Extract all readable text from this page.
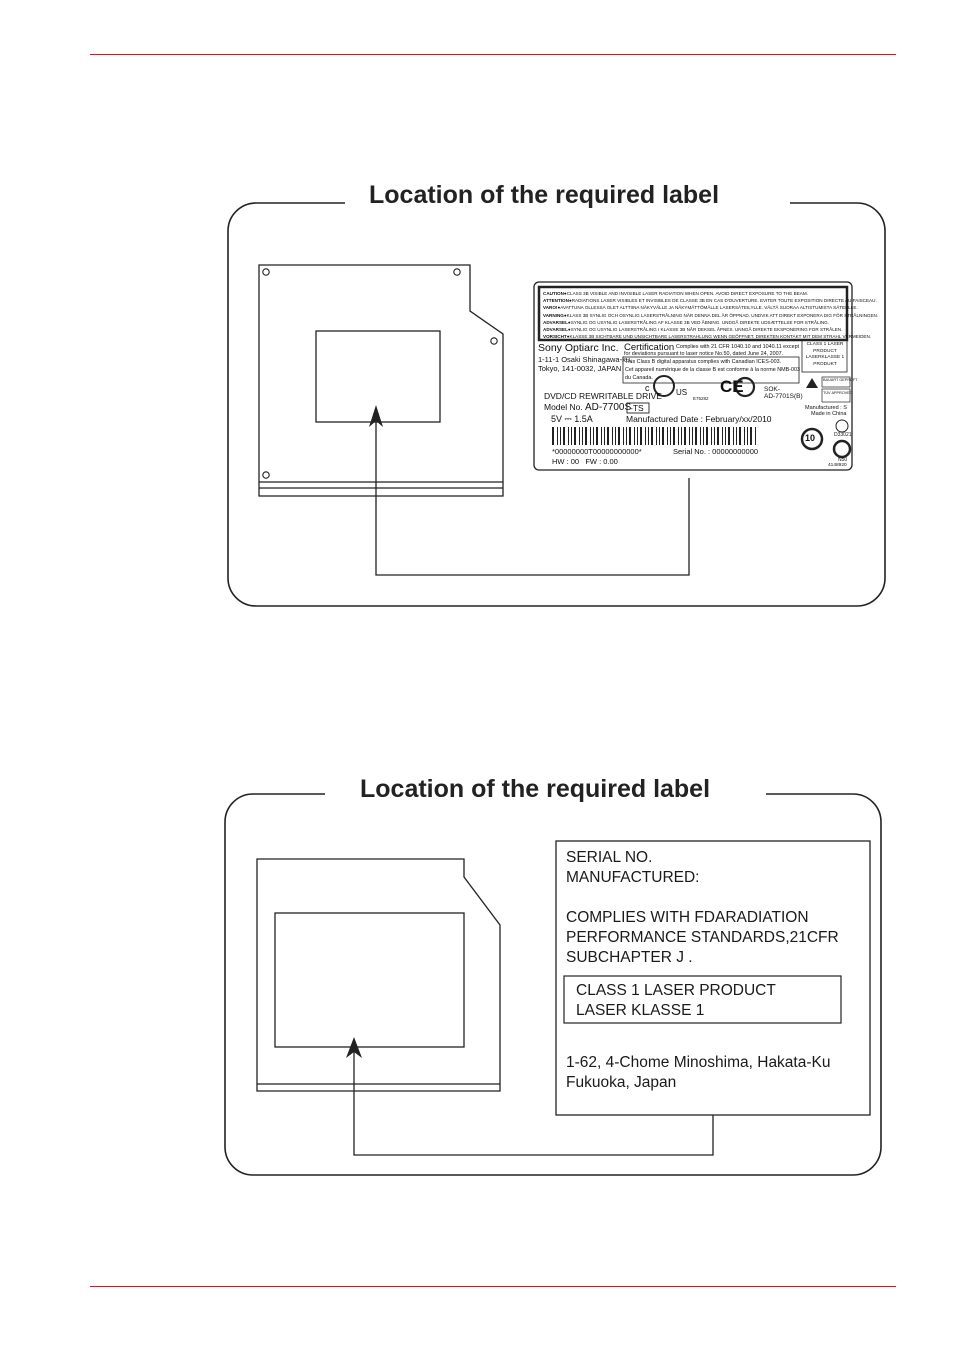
Location of the required label
CAUTION●CLASS 3B VISIBLE AND INVISIBLE LASER RADIATION WHEN OPEN. AVOID DIRECT EXPOSURE TO THE BEAM.
ATTENTION●RADIATIONS LASER VISIBLES ET INVISIBLES DE CLASSE 3B EN CAS D'OUVERTURE. EVITER TOUTE EXPOSITION DIRECTE AU FAISCEAU.
VARO!●AVATTUNA OLLESSA OLET ALTTIINA NÄKYVÄLLE JA NÄKYMÄTTÖMÄLLE LASERSÄTEILYLLE. VÄLTÄ SUORAA ALTISTUMISTA SÄTEELLE.
VARNING●KLASS 3B SYNLIG OCH OSYNLIG LASERSTRÅLNING NÄR DENNA DEL ÄR ÖPPNAD. UNDVIK ATT DIREKT EXPONERA DIG FÖR STRÅLNINGEN.
ADVARSEL●SYNLIG OG USYNLIG LASERSTRÅLING AF KLASSE 3B VED ÅBNING. UNDGÅ DIREKTE UDSÆTTELSE FOR STRÅLING.
ADVARSEL●SYNLIG OG USYNLIG LASERSTRÅLING I KLASSE 3B NÅR DEKSEL ÅPNES. UNNGÅ DIREKTE EKSPONERING FOR STRÅLEN.
VORSICHT●KLASSE 3B SICHTBARE UND UNSICHTBARE LASERSTRAHLUNG WENN GEÖFFNET. DIREKTEN KONTAKT MIT DEM STRAHL VERMEIDEN.
Sony Optiarc Inc.
1-11-1 Osaki Shinagawa-ku,
Tokyo, 141-0032, JAPAN
Certification Complies with 21 CFR 1040.10 and 1040.11 except
for deviations pursuant to laser notice No.50, dated June 24, 2007.
This Class B digital apparatus complies with Canadian ICES-003.
Cet appareil numérique de la classe B est conforme à la norme NMB-003
du Canada.
CLASS 1 LASER
PRODUCT
LASERKLASSE 1
PRODUKT
DVD/CD REWRITABLE DRIVE
Model No. AD-7700S
-TS
5V ⎓ 1.5A	Manufactured Date : February/xx/2010
*00000000T00000000000*	Serial No. : 00000000000
HW : 00   FW : 0.00
c	US
E75282
CE	SOK-
AD-7701S(B)
BAUART GEPRÜFT
TÜV APPROVED
Manufactured : S
Made in China
D33021
N50
4148920
10
Location of the required label
SERIAL NO.
MANUFACTURED:
COMPLIES WITH FDARADIATION
PERFORMANCE STANDARDS,21CFR
SUBCHAPTER J .
CLASS 1 LASER PRODUCT
LASER KLASSE 1
1-62, 4-Chome Minoshima, Hakata-Ku
Fukuoka, Japan
